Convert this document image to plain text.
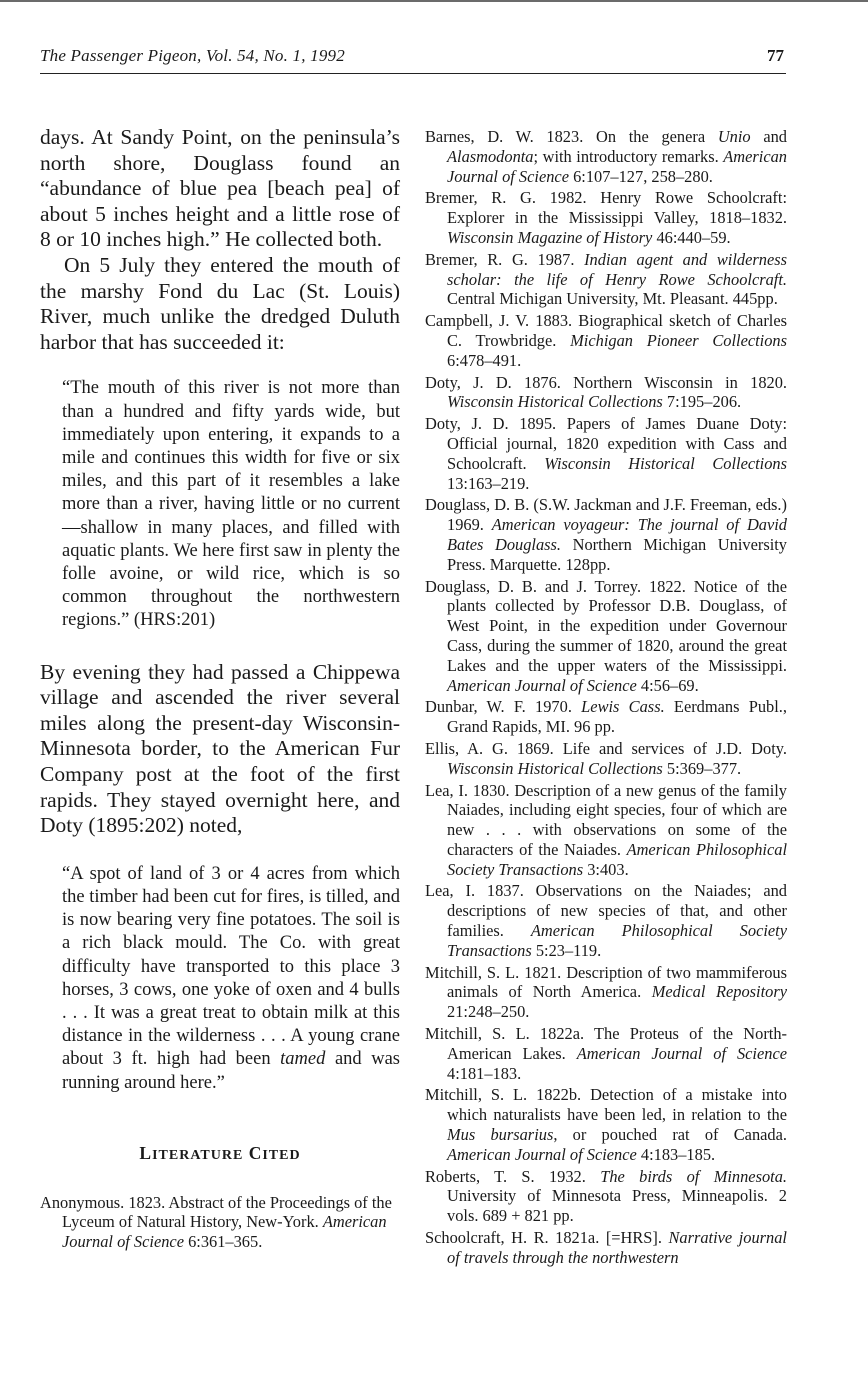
The Passenger Pigeon, Vol. 54, No. 1, 1992	77

days. At Sandy Point, on the peninsula’s north shore, Douglass found an “abundance of blue pea [beach pea] of about 5 inches height and a little rose of 8 or 10 inches high.” He collected both.

On 5 July they entered the mouth of the marshy Fond du Lac (St. Louis) River, much unlike the dredged Duluth harbor that has succeeded it:

“The mouth of this river is not more than than a hundred and fifty yards wide, but immediately upon entering, it expands to a mile and continues this width for five or six miles, and this part of it resembles a lake more than a river, having little or no current—shallow in many places, and filled with aquatic plants. We here first saw in plenty the folle avoine, or wild rice, which is so common throughout the northwestern regions.” (HRS:201)

By evening they had passed a Chippewa village and ascended the river several miles along the present-day Wisconsin-Minnesota border, to the American Fur Company post at the foot of the first rapids. They stayed overnight here, and Doty (1895:202) noted,

“A spot of land of 3 or 4 acres from which the timber had been cut for fires, is tilled, and is now bearing very fine potatoes. The soil is a rich black mould. The Co. with great difficulty have transported to this place 3 horses, 3 cows, one yoke of oxen and 4 bulls . . . It was a great treat to obtain milk at this distance in the wilderness . . . A young crane about 3 ft. high had been tamed and was running around here.”

LITERATURE CITED

Anonymous. 1823. Abstract of the Proceedings of the Lyceum of Natural History, New-York. American Journal of Science 6:361–365.

Barnes, D. W. 1823. On the genera Unio and Alasmodonta; with introductory remarks. American Journal of Science 6:107–127, 258–280.

Bremer, R. G. 1982. Henry Rowe Schoolcraft: Explorer in the Mississippi Valley, 1818–1832. Wisconsin Magazine of History 46:440–59.

Bremer, R. G. 1987. Indian agent and wilderness scholar: the life of Henry Rowe Schoolcraft. Central Michigan University, Mt. Pleasant. 445pp.

Campbell, J. V. 1883. Biographical sketch of Charles C. Trowbridge. Michigan Pioneer Collections 6:478–491.

Doty, J. D. 1876. Northern Wisconsin in 1820. Wisconsin Historical Collections 7:195–206.

Doty, J. D. 1895. Papers of James Duane Doty: Official journal, 1820 expedition with Cass and Schoolcraft. Wisconsin Historical Collections 13:163–219.

Douglass, D. B. (S.W. Jackman and J.F. Freeman, eds.) 1969. American voyageur: The journal of David Bates Douglass. Northern Michigan University Press. Marquette. 128pp.

Douglass, D. B. and J. Torrey. 1822. Notice of the plants collected by Professor D.B. Douglass, of West Point, in the expedition under Governour Cass, during the summer of 1820, around the great Lakes and the upper waters of the Mississippi. American Journal of Science 4:56–69.

Dunbar, W. F. 1970. Lewis Cass. Eerdmans Publ., Grand Rapids, MI. 96 pp.

Ellis, A. G. 1869. Life and services of J.D. Doty. Wisconsin Historical Collections 5:369–377.

Lea, I. 1830. Description of a new genus of the family Naiades, including eight species, four of which are new . . . with observations on some of the characters of the Naiades. American Philosophical Society Transactions 3:403.

Lea, I. 1837. Observations on the Naiades; and descriptions of new species of that, and other families. American Philosophical Society Transactions 5:23–119.

Mitchill, S. L. 1821. Description of two mammiferous animals of North America. Medical Repository 21:248–250.

Mitchill, S. L. 1822a. The Proteus of the North-American Lakes. American Journal of Science 4:181–183.

Mitchill, S. L. 1822b. Detection of a mistake into which naturalists have been led, in relation to the Mus bursarius, or pouched rat of Canada. American Journal of Science 4:183–185.

Roberts, T. S. 1932. The birds of Minnesota. University of Minnesota Press, Minneapolis. 2 vols. 689 + 821 pp.

Schoolcraft, H. R. 1821a. [=HRS]. Narrative journal of travels through the northwestern
